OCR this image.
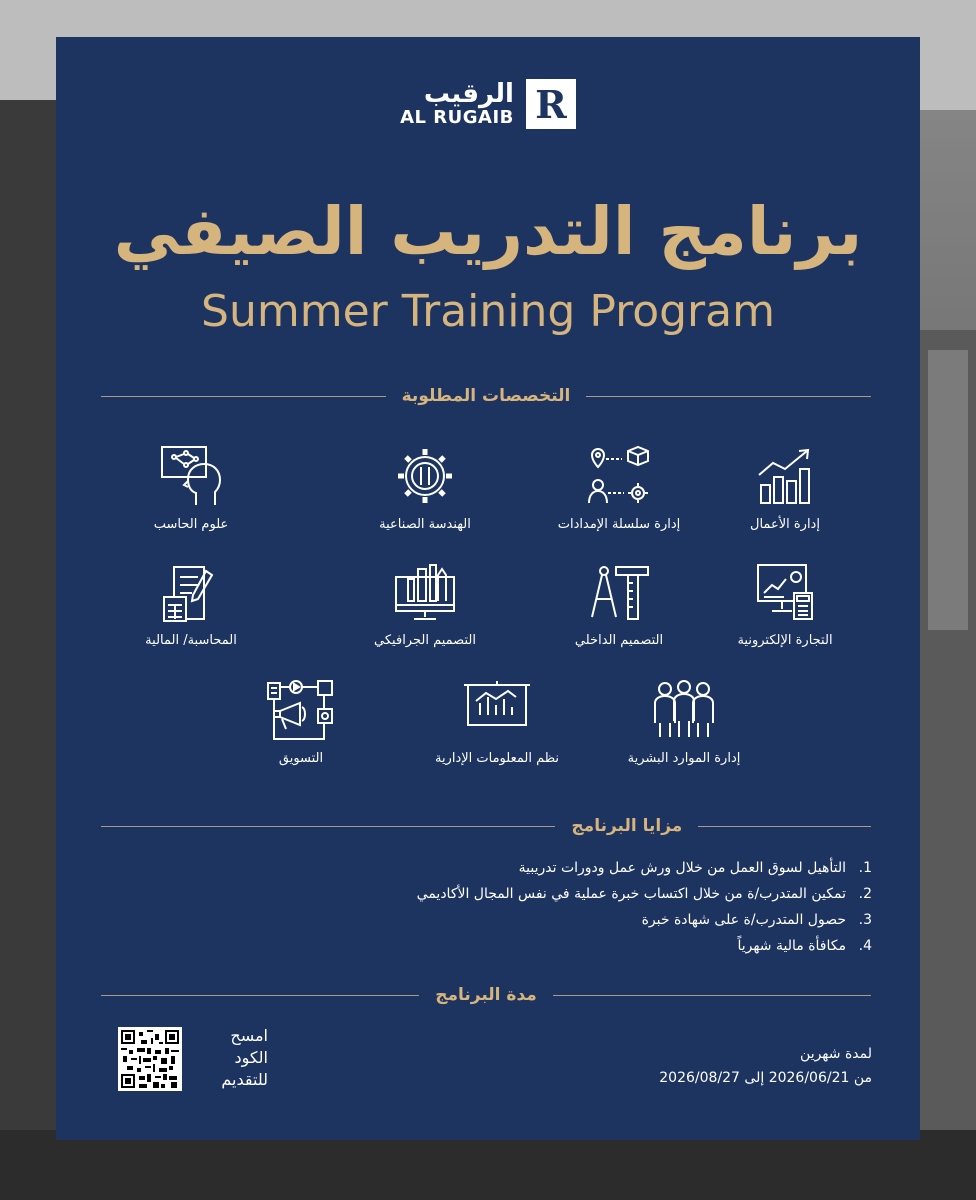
الرقيب
AL RUGAIB R
برنامج التدريب الصيفي
Summer Training Program
التخصصات المطلوبة
إدارة الأعمال
إدارة سلسلة الإمدادات
الهندسة الصناعية
علوم الحاسب
التجارة الإلكترونية
التصميم الداخلي
التصميم الجرافيكي
المحاسبة/ المالية
إدارة الموارد البشرية
نظم المعلومات الإدارية
التسويق
مزايا البرنامج
1.
التأهيل لسوق العمل من خلال ورش عمل ودورات تدريبية
2.
تمكين المتدرب/ة من خلال اكتساب خبرة عملية في نفس المجال الأكاديمي
3.
حصول المتدرب/ة على شهادة خبرة
4.
مكافأة مالية شهرياً
مدة البرنامج
امسح
الكود
للتقديم
لمدة شهرين
من 2026/06/21 إلى 2026/08/27
